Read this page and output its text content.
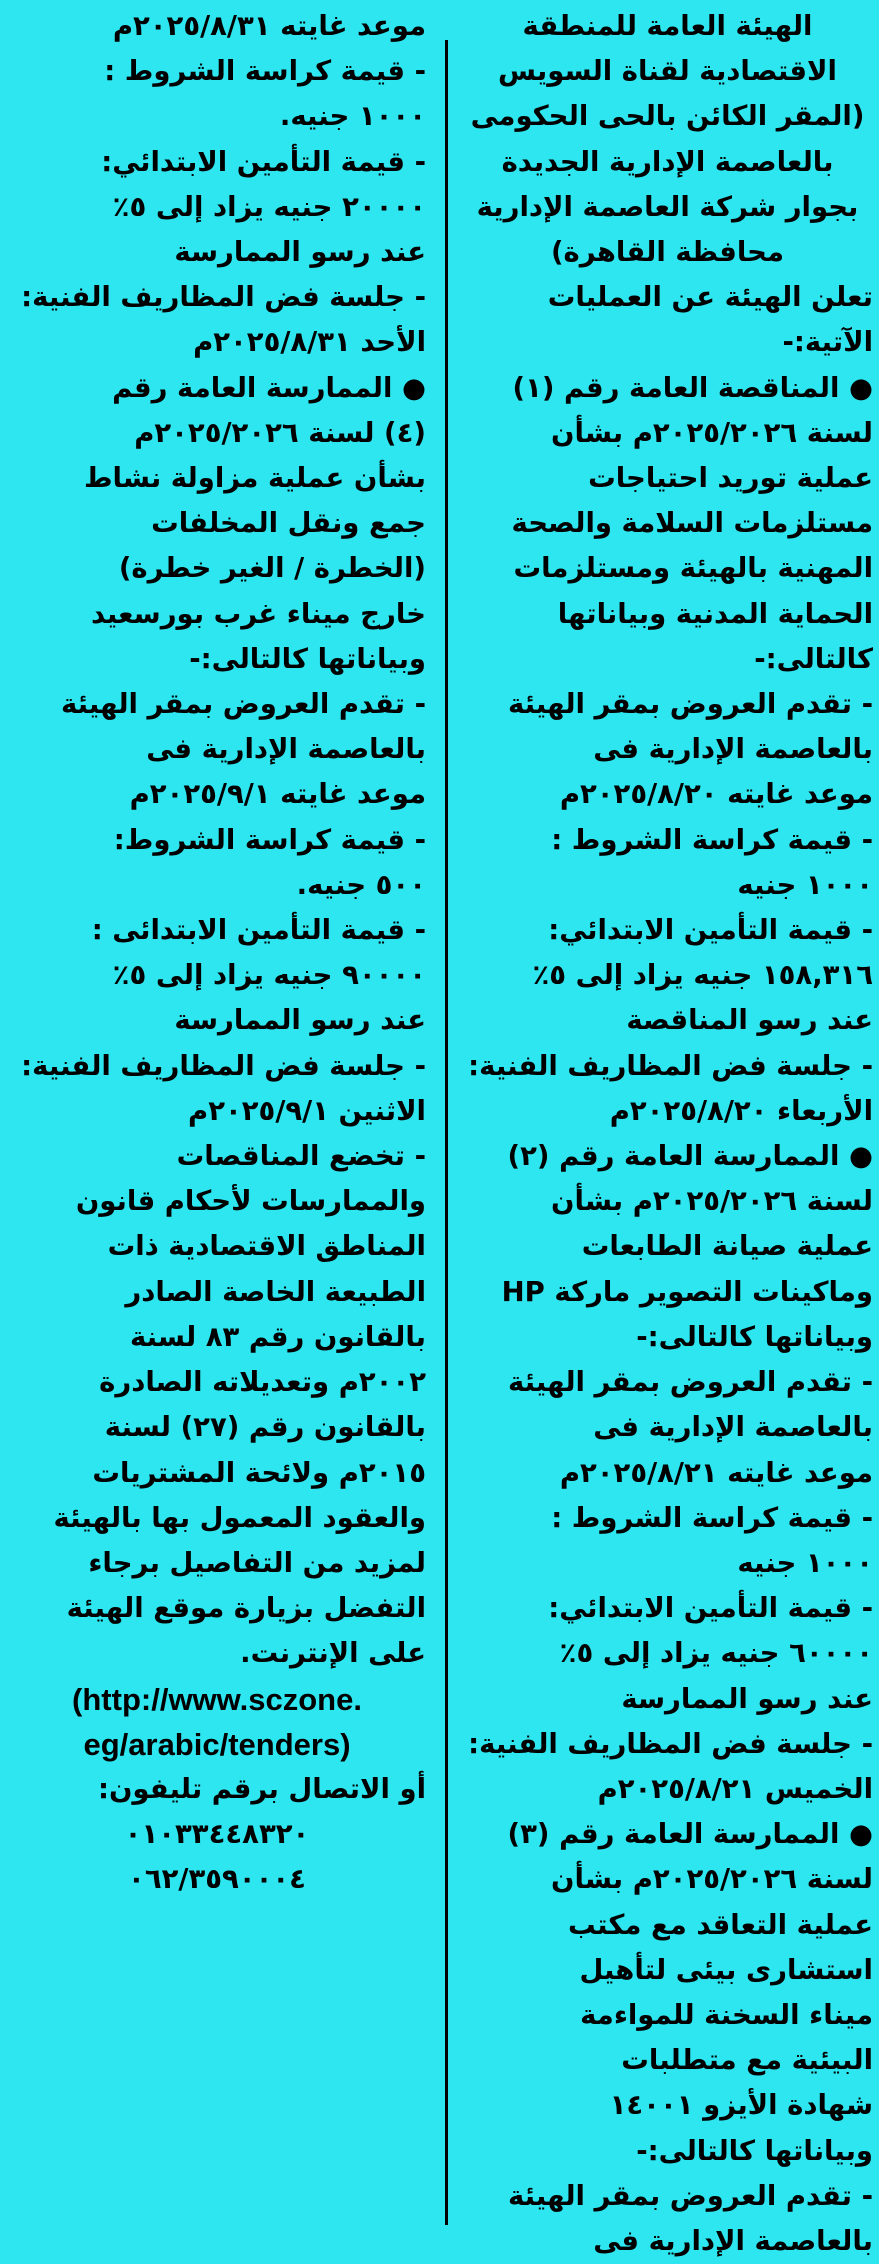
الهيئة العامة للمنطقة
الاقتصادية لقناة السويس
(المقر الكائن بالحى الحكومى
بالعاصمة الإدارية الجديدة
بجوار شركة العاصمة الإدارية
محافظة القاهرة)
تعلن الهيئة عن العمليات
الآتية:-
● المناقصة العامة رقم (١)
لسنة ٢٠٢٥/٢٠٢٦م بشأن
عملية توريد احتياجات
مستلزمات السلامة والصحة
المهنية بالهيئة ومستلزمات
الحماية المدنية وبياناتها
كالتالى:-
- تقدم العروض بمقر الهيئة
بالعاصمة الإدارية فى
موعد غايته ٢٠٢٥/٨/٢٠م
- قيمة كراسة الشروط :
١٠٠٠ جنيه
- قيمة التأمين الابتدائي:
١٥٨,٣١٦ جنيه يزاد إلى ٥٪
عند رسو المناقصة
- جلسة فض المظاريف الفنية:
الأربعاء ٢٠٢٥/٨/٢٠م
● الممارسة العامة رقم (٢)
لسنة ٢٠٢٥/٢٠٢٦م بشأن
عملية صيانة الطابعات
وماكينات التصوير ماركة HP
وبياناتها كالتالى:-
- تقدم العروض بمقر الهيئة
بالعاصمة الإدارية فى
موعد غايته ٢٠٢٥/٨/٢١م
- قيمة كراسة الشروط :
١٠٠٠ جنيه
- قيمة التأمين الابتدائي:
٦٠٠٠٠ جنيه يزاد إلى ٥٪
عند رسو الممارسة
- جلسة فض المظاريف الفنية:
الخميس ٢٠٢٥/٨/٢١م
● الممارسة العامة رقم (٣)
لسنة ٢٠٢٥/٢٠٢٦م بشأن
عملية التعاقد مع مكتب
استشارى بيئى لتأهيل
ميناء السخنة للمواءمة
البيئية مع متطلبات
شهادة الأيزو ١٤٠٠١
وبياناتها كالتالى:-
- تقدم العروض بمقر الهيئة
بالعاصمة الإدارية فى
موعد غايته ٢٠٢٥/٨/٣١م
- قيمة كراسة الشروط :
١٠٠٠ جنيه.
- قيمة التأمين الابتدائي:
٢٠٠٠٠ جنيه يزاد إلى ٥٪
عند رسو الممارسة
- جلسة فض المظاريف الفنية:
الأحد ٢٠٢٥/٨/٣١م
● الممارسة العامة رقم
(٤) لسنة ٢٠٢٥/٢٠٢٦م
بشأن عملية مزاولة نشاط
جمع ونقل المخلفات
(الخطرة / الغير خطرة)
خارج ميناء غرب بورسعيد
وبياناتها كالتالى:-
- تقدم العروض بمقر الهيئة
بالعاصمة الإدارية فى
موعد غايته ٢٠٢٥/٩/١م
- قيمة كراسة الشروط:
٥٠٠ جنيه.
- قيمة التأمين الابتدائى :
٩٠٠٠٠ جنيه يزاد إلى ٥٪
عند رسو الممارسة
- جلسة فض المظاريف الفنية:
الاثنين ٢٠٢٥/٩/١م
- تخضع المناقصات
والممارسات لأحكام قانون
المناطق الاقتصادية ذات
الطبيعة الخاصة الصادر
بالقانون رقم ٨٣ لسنة
٢٠٠٢م وتعديلاته الصادرة
بالقانون رقم (٢٧) لسنة
٢٠١٥م ولائحة المشتريات
والعقود المعمول بها بالهيئة
لمزيد من التفاصيل برجاء
التفضل بزيارة موقع الهيئة
على الإنترنت.
(http://www.sczone.
eg/arabic/tenders)
أو الاتصال برقم تليفون:
٠١٠٣٣٤٤٨٣٢٠
٠٦٢/٣٥٩٠٠٠٤
